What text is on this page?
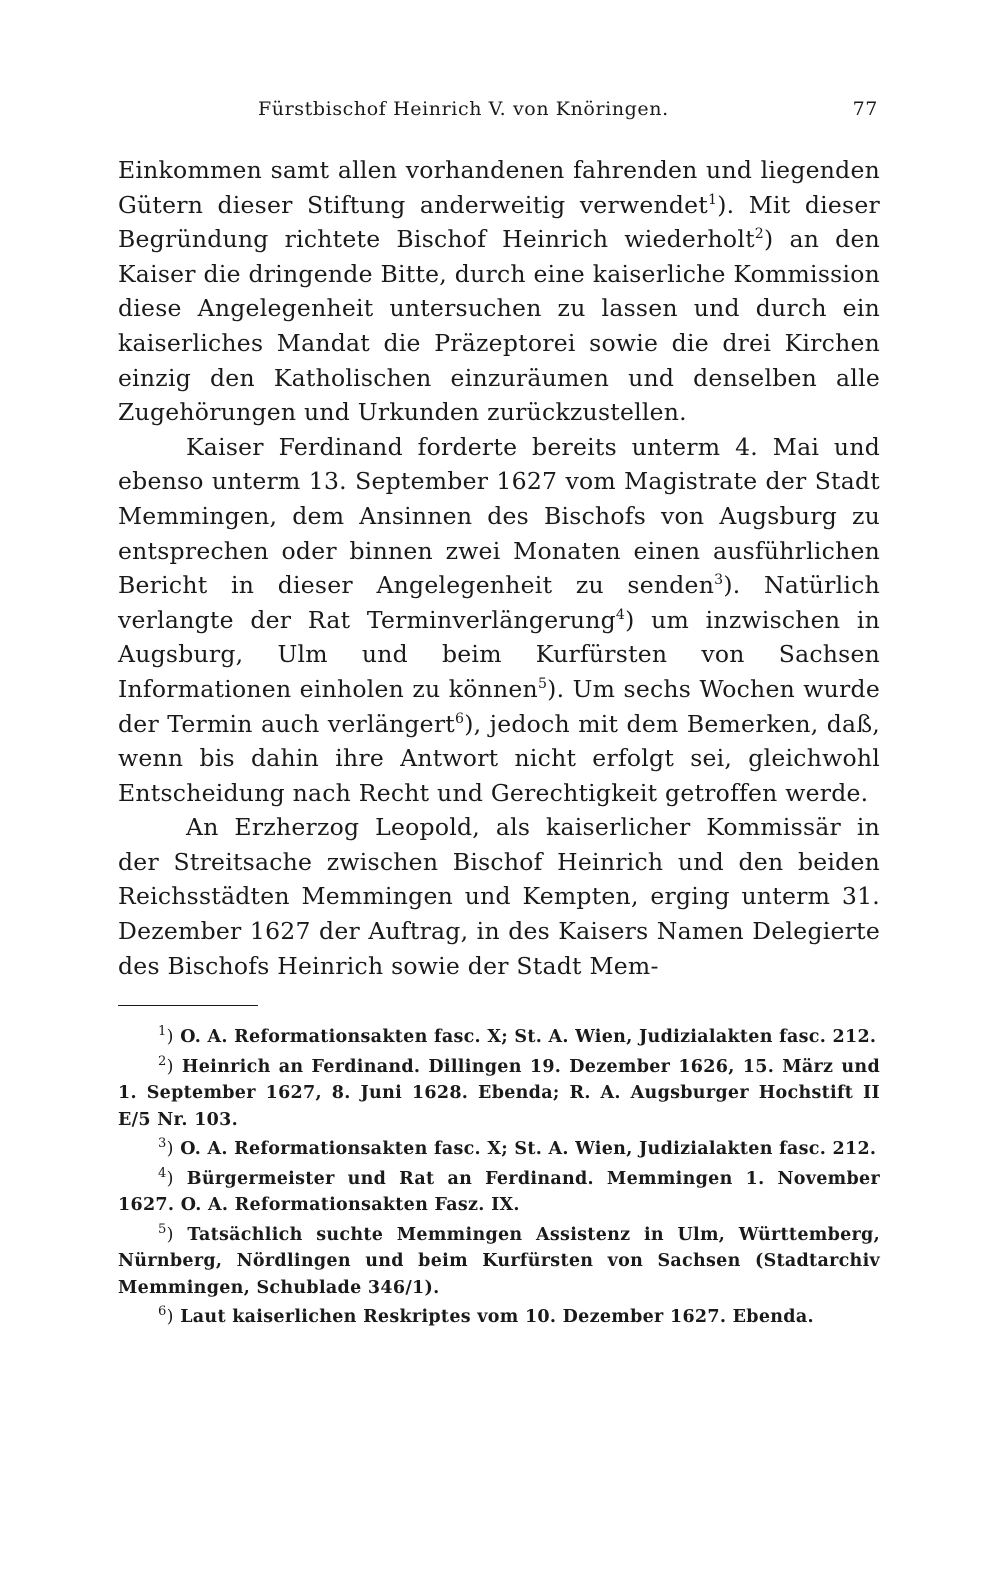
Fürstbischof Heinrich V. von Knöringen.	77

Einkommen samt allen vorhandenen fahrenden und liegenden Gütern dieser Stiftung anderweitig verwendet$^1$). Mit dieser Begründung richtete Bischof Heinrich wiederholt$^2$) an den Kaiser die dringende Bitte, durch eine kaiserliche Kommission diese Angelegenheit untersuchen zu lassen und durch ein kaiserliches Mandat die Präzeptorei sowie die drei Kirchen einzig den Katholischen einzuräumen und denselben alle Zugehörungen und Urkunden zurückzustellen.

Kaiser Ferdinand forderte bereits unterm 4. Mai und ebenso unterm 13. September 1627 vom Magistrate der Stadt Memmingen, dem Ansinnen des Bischofs von Augsburg zu entsprechen oder binnen zwei Monaten einen ausführlichen Bericht in dieser Angelegenheit zu senden$^3$). Natürlich verlangte der Rat Terminverlängerung$^4$) um inzwischen in Augsburg, Ulm und beim Kurfürsten von Sachsen Informationen einholen zu können$^5$). Um sechs Wochen wurde der Termin auch verlängert$^6$), jedoch mit dem Bemerken, daß, wenn bis dahin ihre Antwort nicht erfolgt sei, gleichwohl Entscheidung nach Recht und Gerechtigkeit getroffen werde.

An Erzherzog Leopold, als kaiserlicher Kommissär in der Streitsache zwischen Bischof Heinrich und den beiden Reichsstädten Memmingen und Kempten, erging unterm 31. Dezember 1627 der Auftrag, in des Kaisers Namen Delegierte des Bischofs Heinrich sowie der Stadt Mem-

$^1$) O. A. Reformationsakten fasc. X; St. A. Wien, Judizialakten fasc. 212.

$^2$) Heinrich an Ferdinand. Dillingen 19. Dezember 1626, 15. März und 1. September 1627, 8. Juni 1628. Ebenda; R. A. Augsburger Hochstift II E/5 Nr. 103.

$^3$) O. A. Reformationsakten fasc. X; St. A. Wien, Judizialakten fasc. 212.

$^4$) Bürgermeister und Rat an Ferdinand. Memmingen 1. November 1627. O. A. Reformationsakten Fasz. IX.

$^5$) Tatsächlich suchte Memmingen Assistenz in Ulm, Württemberg, Nürnberg, Nördlingen und beim Kurfürsten von Sachsen (Stadtarchiv Memmingen, Schublade 346/1).

$^6$) Laut kaiserlichen Reskriptes vom 10. Dezember 1627. Ebenda.
